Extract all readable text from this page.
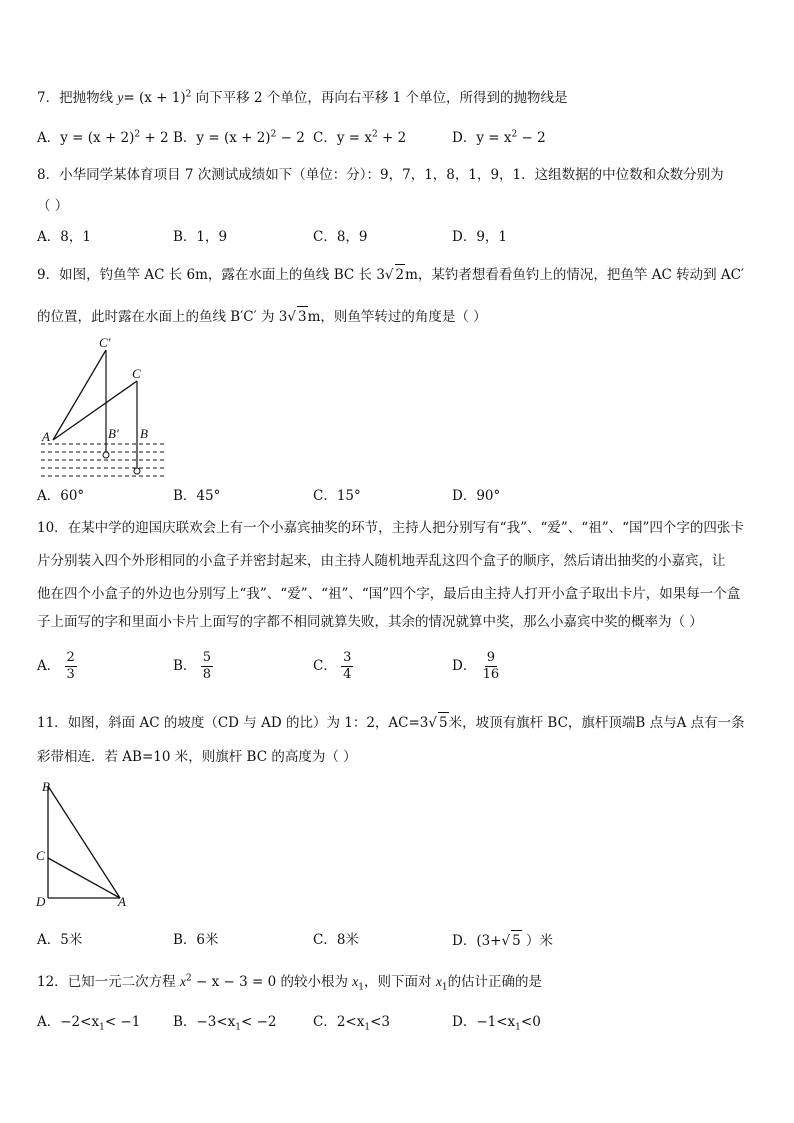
7．把抛物线 $y= (x + 1)^2$ 向下平移 2 个单位，再向右平移 1 个单位，所得到的抛物线是
A．$y = (x + 2)^2 + 2$ B．$y = (x + 2)^2 - 2$ C．$y = x^2 + 2$	D．$y = x^2 - 2$
8．小华同学某体育项目 7 次测试成绩如下（单位：分）：9，7，1，8，1，9，1．这组数据的中位数和众数分别为
（ ）
A．8，1	B．1，9	C．8，9	D．9，1
9．如图，钓鱼竿 AC 长 6m，露在水面上的鱼线 BC 长 3√ 2m，某钓者想看看鱼钓上的情况，把鱼竿 AC 转动到 AC′
的位置，此时露在水面上的鱼线 B′C′ 为 3√ 3m，则鱼竿转过的角度是（ ）
C′
C
A	B′ B
A．60°	B．45°	C．15°	D．90°
10．在某中学的迎国庆联欢会上有一个小嘉宾抽奖的环节，主持人把分别写有“我”、“爱”、“祖”、“国”四个字的四张卡
片分别装入四个外形相同的小盒子并密封起来，由主持人随机地弄乱这四个盒子的顺序，然后请出抽奖的小嘉宾，让
他在四个小盒子的外边也分别写上“我”、“爱”、“祖”、“国”四个字，最后由主持人打开小盒子取出卡片，如果每一个盒
子上面写的字和里面小卡片上面写的字都不相同就算失败，其余的情况就算中奖，那么小嘉宾中奖的概率为（ ）
A． $\frac{2}{3}$	B． $\frac{5}{8}$	C． $\frac{3}{4}$	D． $\frac{9}{16}$
11．如图，斜面 AC 的坡度（CD 与 AD 的比）为 1：2，AC=3√ 5米，坡顶有旗杆 BC，旗杆顶端B 点与A 点有一条
彩带相连．若 AB=10 米，则旗杆 BC 的高度为（ ）
B
C
D	A
A．5米	B．6米	C．8米	D．(3+√ 5 ）米
12．已知一元二次方程 $x^2 - x - 3 = 0$ 的较小根为 $x_1$，则下面对 $x_1$的估计正确的是
A．$-2<x_1< -1$ B．$-3<x_1< -2$	C．$2<x_1<3$	D．$-1<x_1<0$
